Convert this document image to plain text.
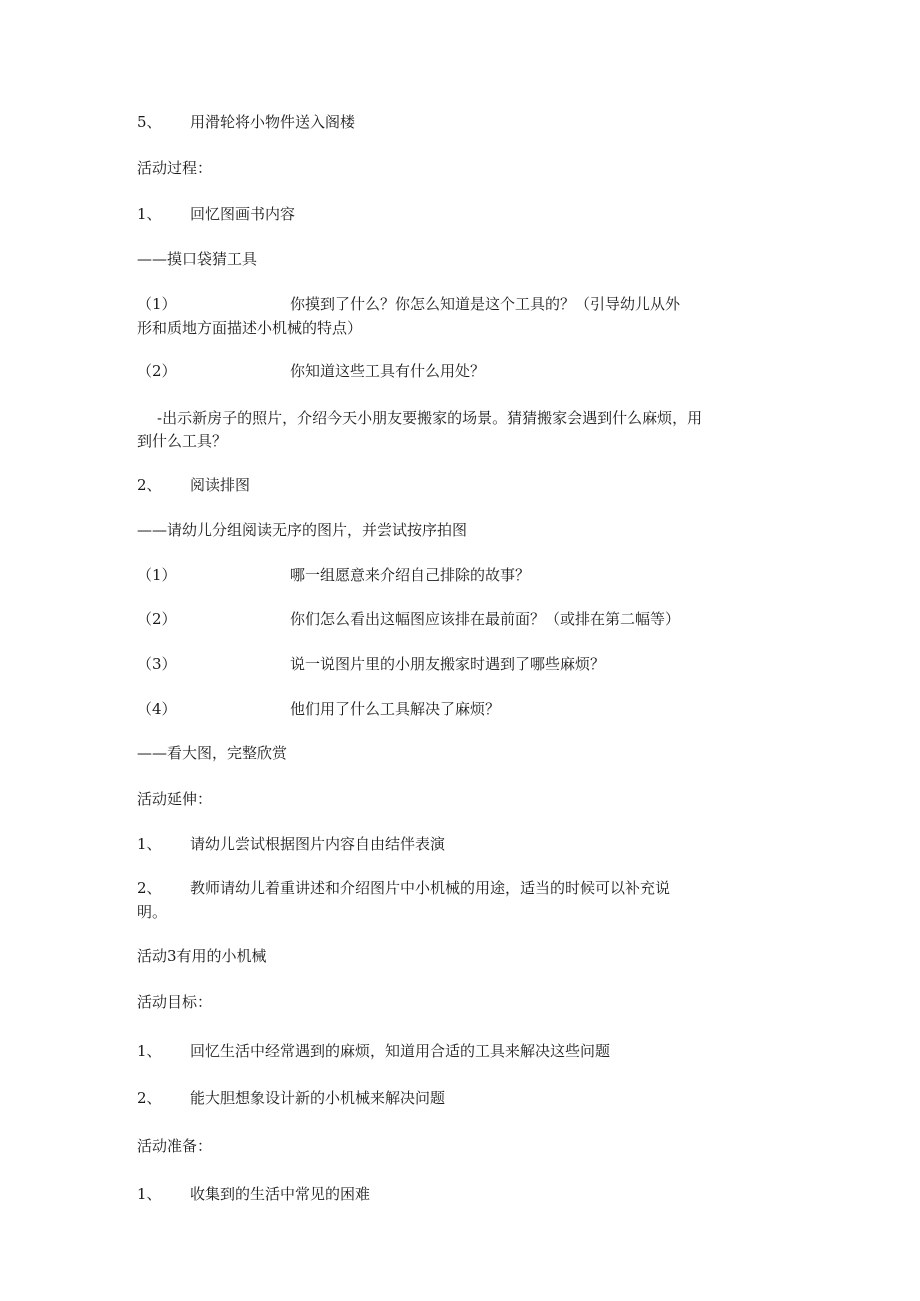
5、 用滑轮将小物件送入阁楼
活动过程：
1、 回忆图画书内容
——摸口袋猜工具
（1）	你摸到了什么？你怎么知道是这个工具的？（引导幼儿从外
形和质地方面描述小机械的特点）
（2）	你知道这些工具有什么用处？
-出示新房子的照片，介绍今天小朋友要搬家的场景。猜猜搬家会遇到什么麻烦，用
到什么工具？
2、 阅读排图
——请幼儿分组阅读无序的图片，并尝试按序拍图
（1）	哪一组愿意来介绍自己排除的故事？
（2）	你们怎么看出这幅图应该排在最前面？（或排在第二幅等）
（3）	说一说图片里的小朋友搬家时遇到了哪些麻烦？
（4）	他们用了什么工具解决了麻烦？
——看大图，完整欣赏
活动延伸：
1、 请幼儿尝试根据图片内容自由结伴表演
2、 教师请幼儿着重讲述和介绍图片中小机械的用途，适当的时候可以补充说
明。
活动3有用的小机械
活动目标：
1、 回忆生活中经常遇到的麻烦，知道用合适的工具来解决这些问题
2、 能大胆想象设计新的小机械来解决问题
活动准备：
1、 收集到的生活中常见的困难
